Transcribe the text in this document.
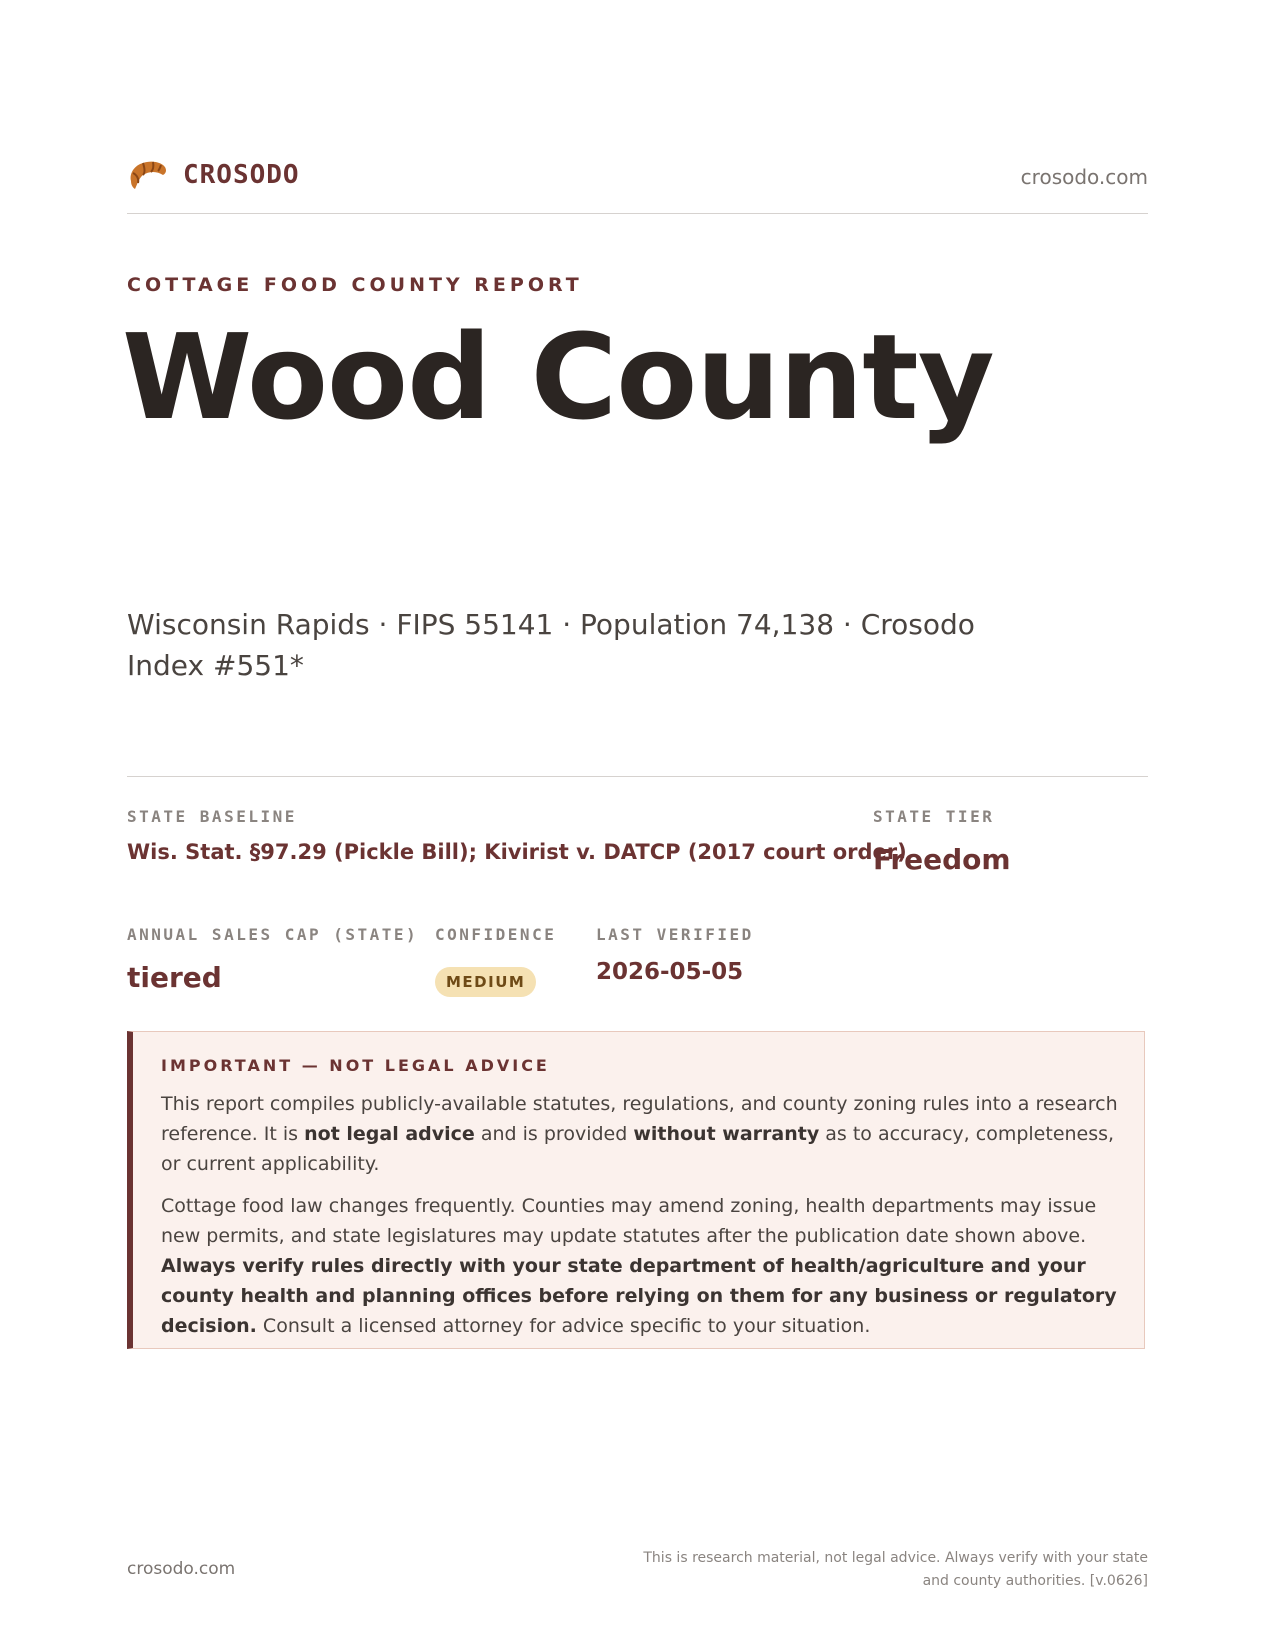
CROSODO	crosodo.com
COTTAGE FOOD COUNTY REPORT
Wood County
Wisconsin Rapids · FIPS 55141 · Population 74,138 · Crosodo Index #551*
STATE BASELINE
Wis. Stat. §97.29 (Pickle Bill); Kivirist v. DATCP (2017 court order)
STATE TIER
Freedom
ANNUAL SALES CAP (STATE)
tiered
CONFIDENCE
MEDIUM
LAST VERIFIED
2026-05-05
IMPORTANT — NOT LEGAL ADVICE

This report compiles publicly-available statutes, regulations, and county zoning rules into a research reference. It is not legal advice and is provided without warranty as to accuracy, completeness, or current applicability.

Cottage food law changes frequently. Counties may amend zoning, health departments may issue new permits, and state legislatures may update statutes after the publication date shown above. Always verify rules directly with your state department of health/agriculture and your county health and planning offices before relying on them for any business or regulatory decision. Consult a licensed attorney for advice specific to your situation.

crosodo.com
This is research material, not legal advice. Always verify with your state
and county authorities. [v.0626]
